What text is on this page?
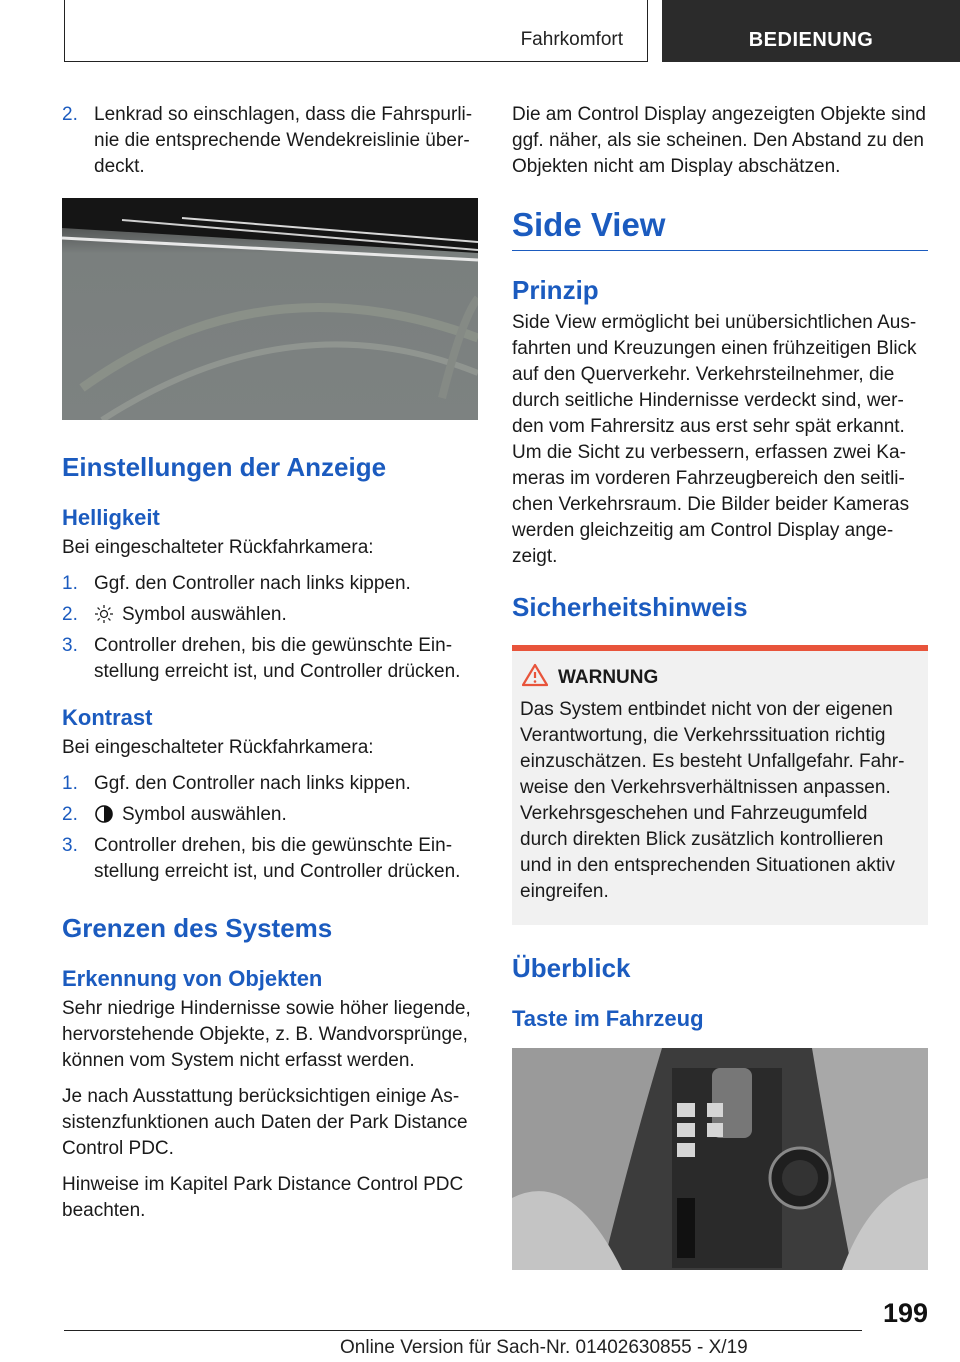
Fahrkomfort	BEDIENUNG
2. Lenkrad so einschlagen, dass die Fahrspurlinie die entsprechende Wendekreislinie überdeckt.
Einstellungen der Anzeige
Helligkeit

Bei eingeschalteter Rückfahrkamera:

1. Ggf. den Controller nach links kippen.
2. Symbol auswählen.
3. Controller drehen, bis die gewünschte Einstellung erreicht ist, und Controller drücken.
Kontrast

Bei eingeschalteter Rückfahrkamera:

1. Ggf. den Controller nach links kippen.
2. Symbol auswählen.
3. Controller drehen, bis die gewünschte Einstellung erreicht ist, und Controller drücken.
Grenzen des Systems
Erkennung von Objekten

Sehr niedrige Hindernisse sowie höher liegende, hervorstehende Objekte, z. B. Wandvorsprünge, können vom System nicht erfasst werden.

Je nach Ausstattung berücksichtigen einige Assistenzfunktionen auch Daten der Park Distance Control PDC.

Hinweise im Kapitel Park Distance Control PDC beachten.

Die am Control Display angezeigten Objekte sind ggf. näher, als sie scheinen. Den Abstand zu den Objekten nicht am Display abschätzen.

Side View
Prinzip

Side View ermöglicht bei unübersichtlichen Ausfahrten und Kreuzungen einen frühzeitigen Blick auf den Querverkehr. Verkehrsteilnehmer, die durch seitliche Hindernisse verdeckt sind, werden vom Fahrersitz aus erst sehr spät erkannt. Um die Sicht zu verbessern, erfassen zwei Kameras im vorderen Fahrzeugbereich den seitlichen Verkehrsraum. Die Bilder beider Kameras werden gleichzeitig am Control Display angezeigt.

Sicherheitshinweis
WARNUNG

Das System entbindet nicht von der eigenen Verantwortung, die Verkehrssituation richtig einzuschätzen. Es besteht Unfallgefahr. Fahrweise den Verkehrsverhältnissen anpassen. Verkehrsgeschehen und Fahrzeugumfeld durch direkten Blick zusätzlich kontrollieren und in den entsprechenden Situationen aktiv eingreifen.

Überblick
Taste im Fahrzeug
199
Online Version für Sach-Nr. 01402630855 - X/19
